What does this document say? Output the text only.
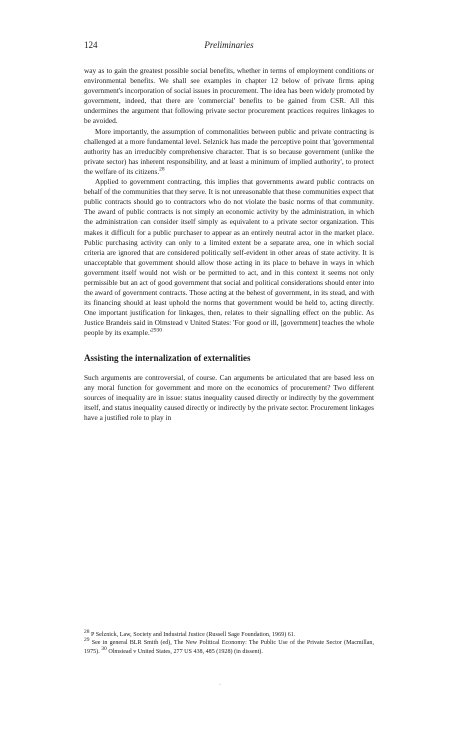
124	Preliminaries

way as to gain the greatest possible social benefits, whether in terms of employment conditions or environmental benefits. We shall see examples in chapter 12 below of private firms aping government's incorporation of social issues in procurement. The idea has been widely promoted by government, indeed, that there are 'commercial' benefits to be gained from CSR. All this undermines the argument that following private sector procurement practices requires linkages to be avoided.

More importantly, the assumption of commonalities between public and private contracting is challenged at a more fundamental level. Selznick has made the perceptive point that 'governmental authority has an irreducibly comprehensive character. That is so because government (unlike the private sector) has inherent responsibility, and at least a minimum of implied authority', to protect the welfare of its citizens.$^{28}$

Applied to government contracting, this implies that governments award public contracts on behalf of the communities that they serve. It is not unreasonable that these communities expect that public contracts should go to contractors who do not violate the basic norms of that community. The award of public contracts is not simply an economic activity by the administration, in which the administration can consider itself simply as equivalent to a private sector organization. This makes it difficult for a public purchaser to appear as an entirely neutral actor in the market place. Public purchasing activity can only to a limited extent be a separate area, one in which social criteria are ignored that are considered politically self-evident in other areas of state activity. It is unacceptable that government should allow those acting in its place to behave in ways in which government itself would not wish or be permitted to act, and in this context it seems not only permissible but an act of good government that social and political considerations should enter into the award of government contracts. Those acting at the behest of government, in its stead, and with its financing should at least uphold the norms that government would be held to, acting directly. One important justification for linkages, then, relates to their signalling effect on the public. As Justice Brandeis said in Olmstead v United States: 'For good or ill, [government] teaches the whole people by its $example.'^{2930}$

Assisting the internalization of externalities

Such arguments are controversial, of course. Can arguments be articulated that are based less on any moral function for government and more on the economics of procurement? Two different sources of inequality are in issue: status inequality caused directly or indirectly by the government itself, and status inequality caused directly or indirectly by the private sector. Procurement linkages have a justified role to play in

$^{28}$ P Selznick, Law, Society and Industrial Justice (Russell Sage Foundation, 1969) 61.

$^{29}$ See in general BLR Smith (ed), The New Political Economy: The Public Use of the Private Sector (Macmillan, 1975). $^{30}$ Olmstead v United States, 277 US 438, 485 (1928) (in dissent).

·
